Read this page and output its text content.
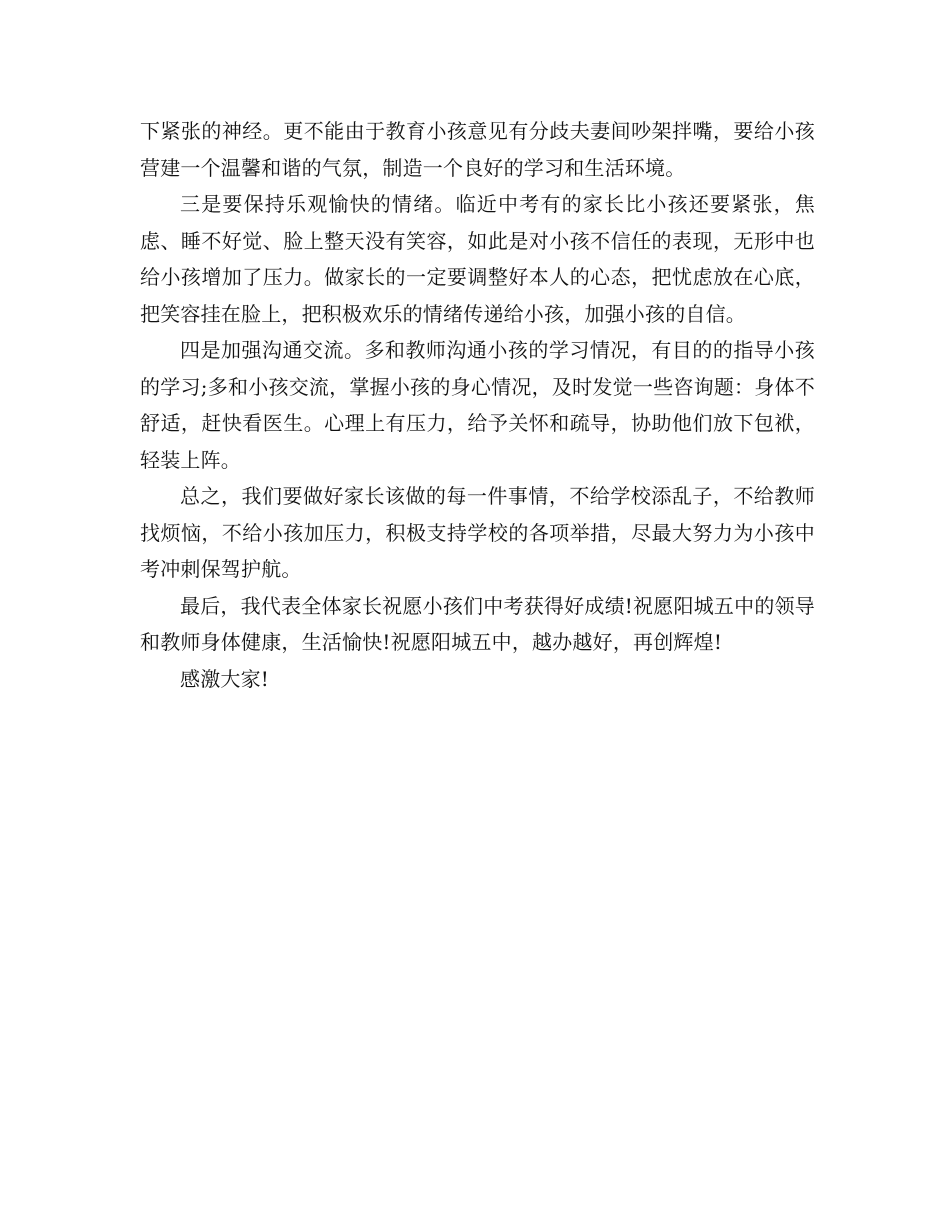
下紧张的神经。更不能由于教育小孩意见有分歧夫妻间吵架拌嘴，要给小孩营建一个温馨和谐的气氛，制造一个良好的学习和生活环境。

三是要保持乐观愉快的情绪。临近中考有的家长比小孩还要紧张，焦虑、睡不好觉、脸上整天没有笑容，如此是对小孩不信任的表现，无形中也给小孩增加了压力。做家长的一定要调整好本人的心态，把忧虑放在心底，把笑容挂在脸上，把积极欢乐的情绪传递给小孩，加强小孩的自信。

四是加强沟通交流。多和教师沟通小孩的学习情况，有目的的指导小孩的学习;多和小孩交流，掌握小孩的身心情况，及时发觉一些咨询题：身体不舒适，赶快看医生。心理上有压力，给予关怀和疏导，协助他们放下包袱，轻装上阵。

总之，我们要做好家长该做的每一件事情，不给学校添乱子，不给教师找烦恼，不给小孩加压力，积极支持学校的各项举措，尽最大努力为小孩中考冲刺保驾护航。

最后，我代表全体家长祝愿小孩们中考获得好成绩!祝愿阳城五中的领导和教师身体健康，生活愉快!祝愿阳城五中，越办越好，再创辉煌!

感激大家!
